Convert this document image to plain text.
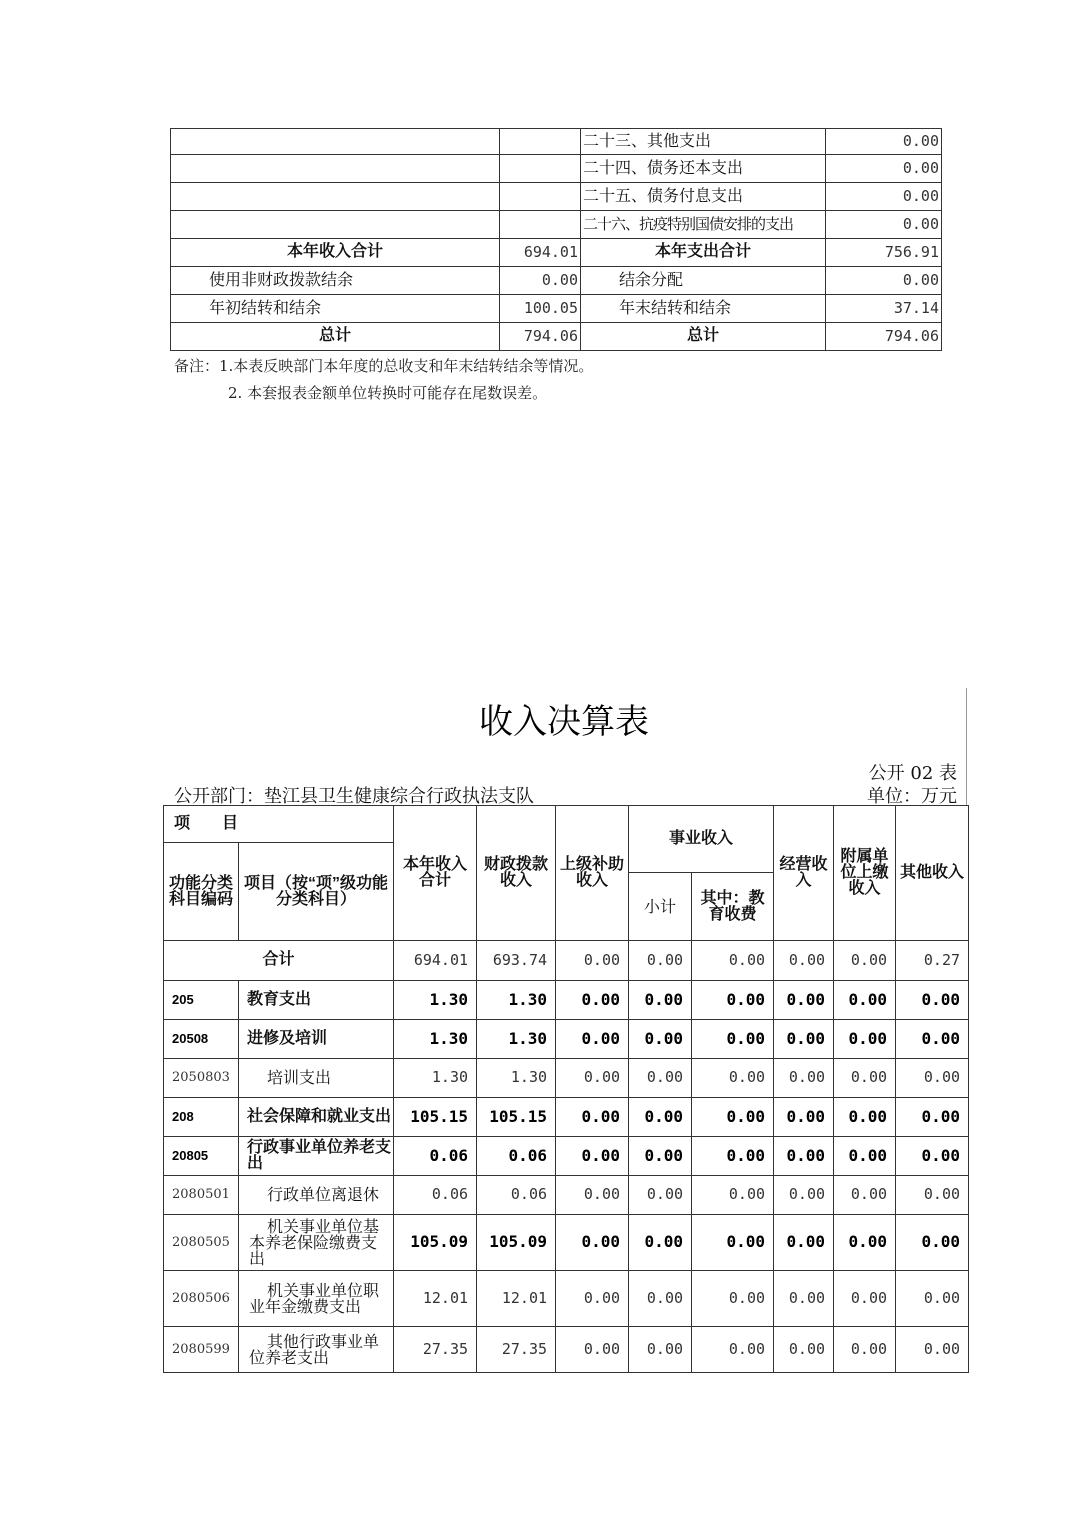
		二十三、其他支出	0.00
		二十四、债务还本支出	0.00
		二十五、债务付息支出	0.00
		二十六、抗疫特别国债安排的支出	0.00
本年收入合计	694.01	本年支出合计	756.91
使用非财政拨款结余	0.00	结余分配	0.00
年初结转和结余	100.05	年末结转和结余	37.14
总计	794.06	总计	794.06
备注：1.本表反映部门本年度的总收支和年末结转结余等情况。
2. 本套报表金额单位转换时可能存在尾数误差。
收入决算表
公开 02 表
单位：万元
公开部门：垫江县卫生健康综合行政执法支队
项　　目		本年收入合计	财政拨款收入	上级补助收入	事业收入		经营收入	附属单位上缴收入	其他收入
功能分类科目编码	项目（按“项”级功能分类科目）								
					小计	其中：教育收费			
合计		694.01	693.74	0.00	0.00	0.00	0.00	0.00	0.27
205	教育支出	1.30	1.30	0.00	0.00	0.00	0.00	0.00	0.00
20508	进修及培训	1.30	1.30	0.00	0.00	0.00	0.00	0.00	0.00
2050803	培训支出	1.30	1.30	0.00	0.00	0.00	0.00	0.00	0.00
208	社会保障和就业支出	105.15	105.15	0.00	0.00	0.00	0.00	0.00	0.00
20805	行政事业单位养老支出	0.06	0.06	0.00	0.00	0.00	0.00	0.00	0.00
2080501	行政单位离退休	0.06	0.06	0.00	0.00	0.00	0.00	0.00	0.00
2080505	机关事业单位基本养老保险缴费支出	105.09	105.09	0.00	0.00	0.00	0.00	0.00	0.00
2080506	机关事业单位职业年金缴费支出	12.01	12.01	0.00	0.00	0.00	0.00	0.00	0.00
2080599	其他行政事业单位养老支出	27.35	27.35	0.00	0.00	0.00	0.00	0.00	0.00
